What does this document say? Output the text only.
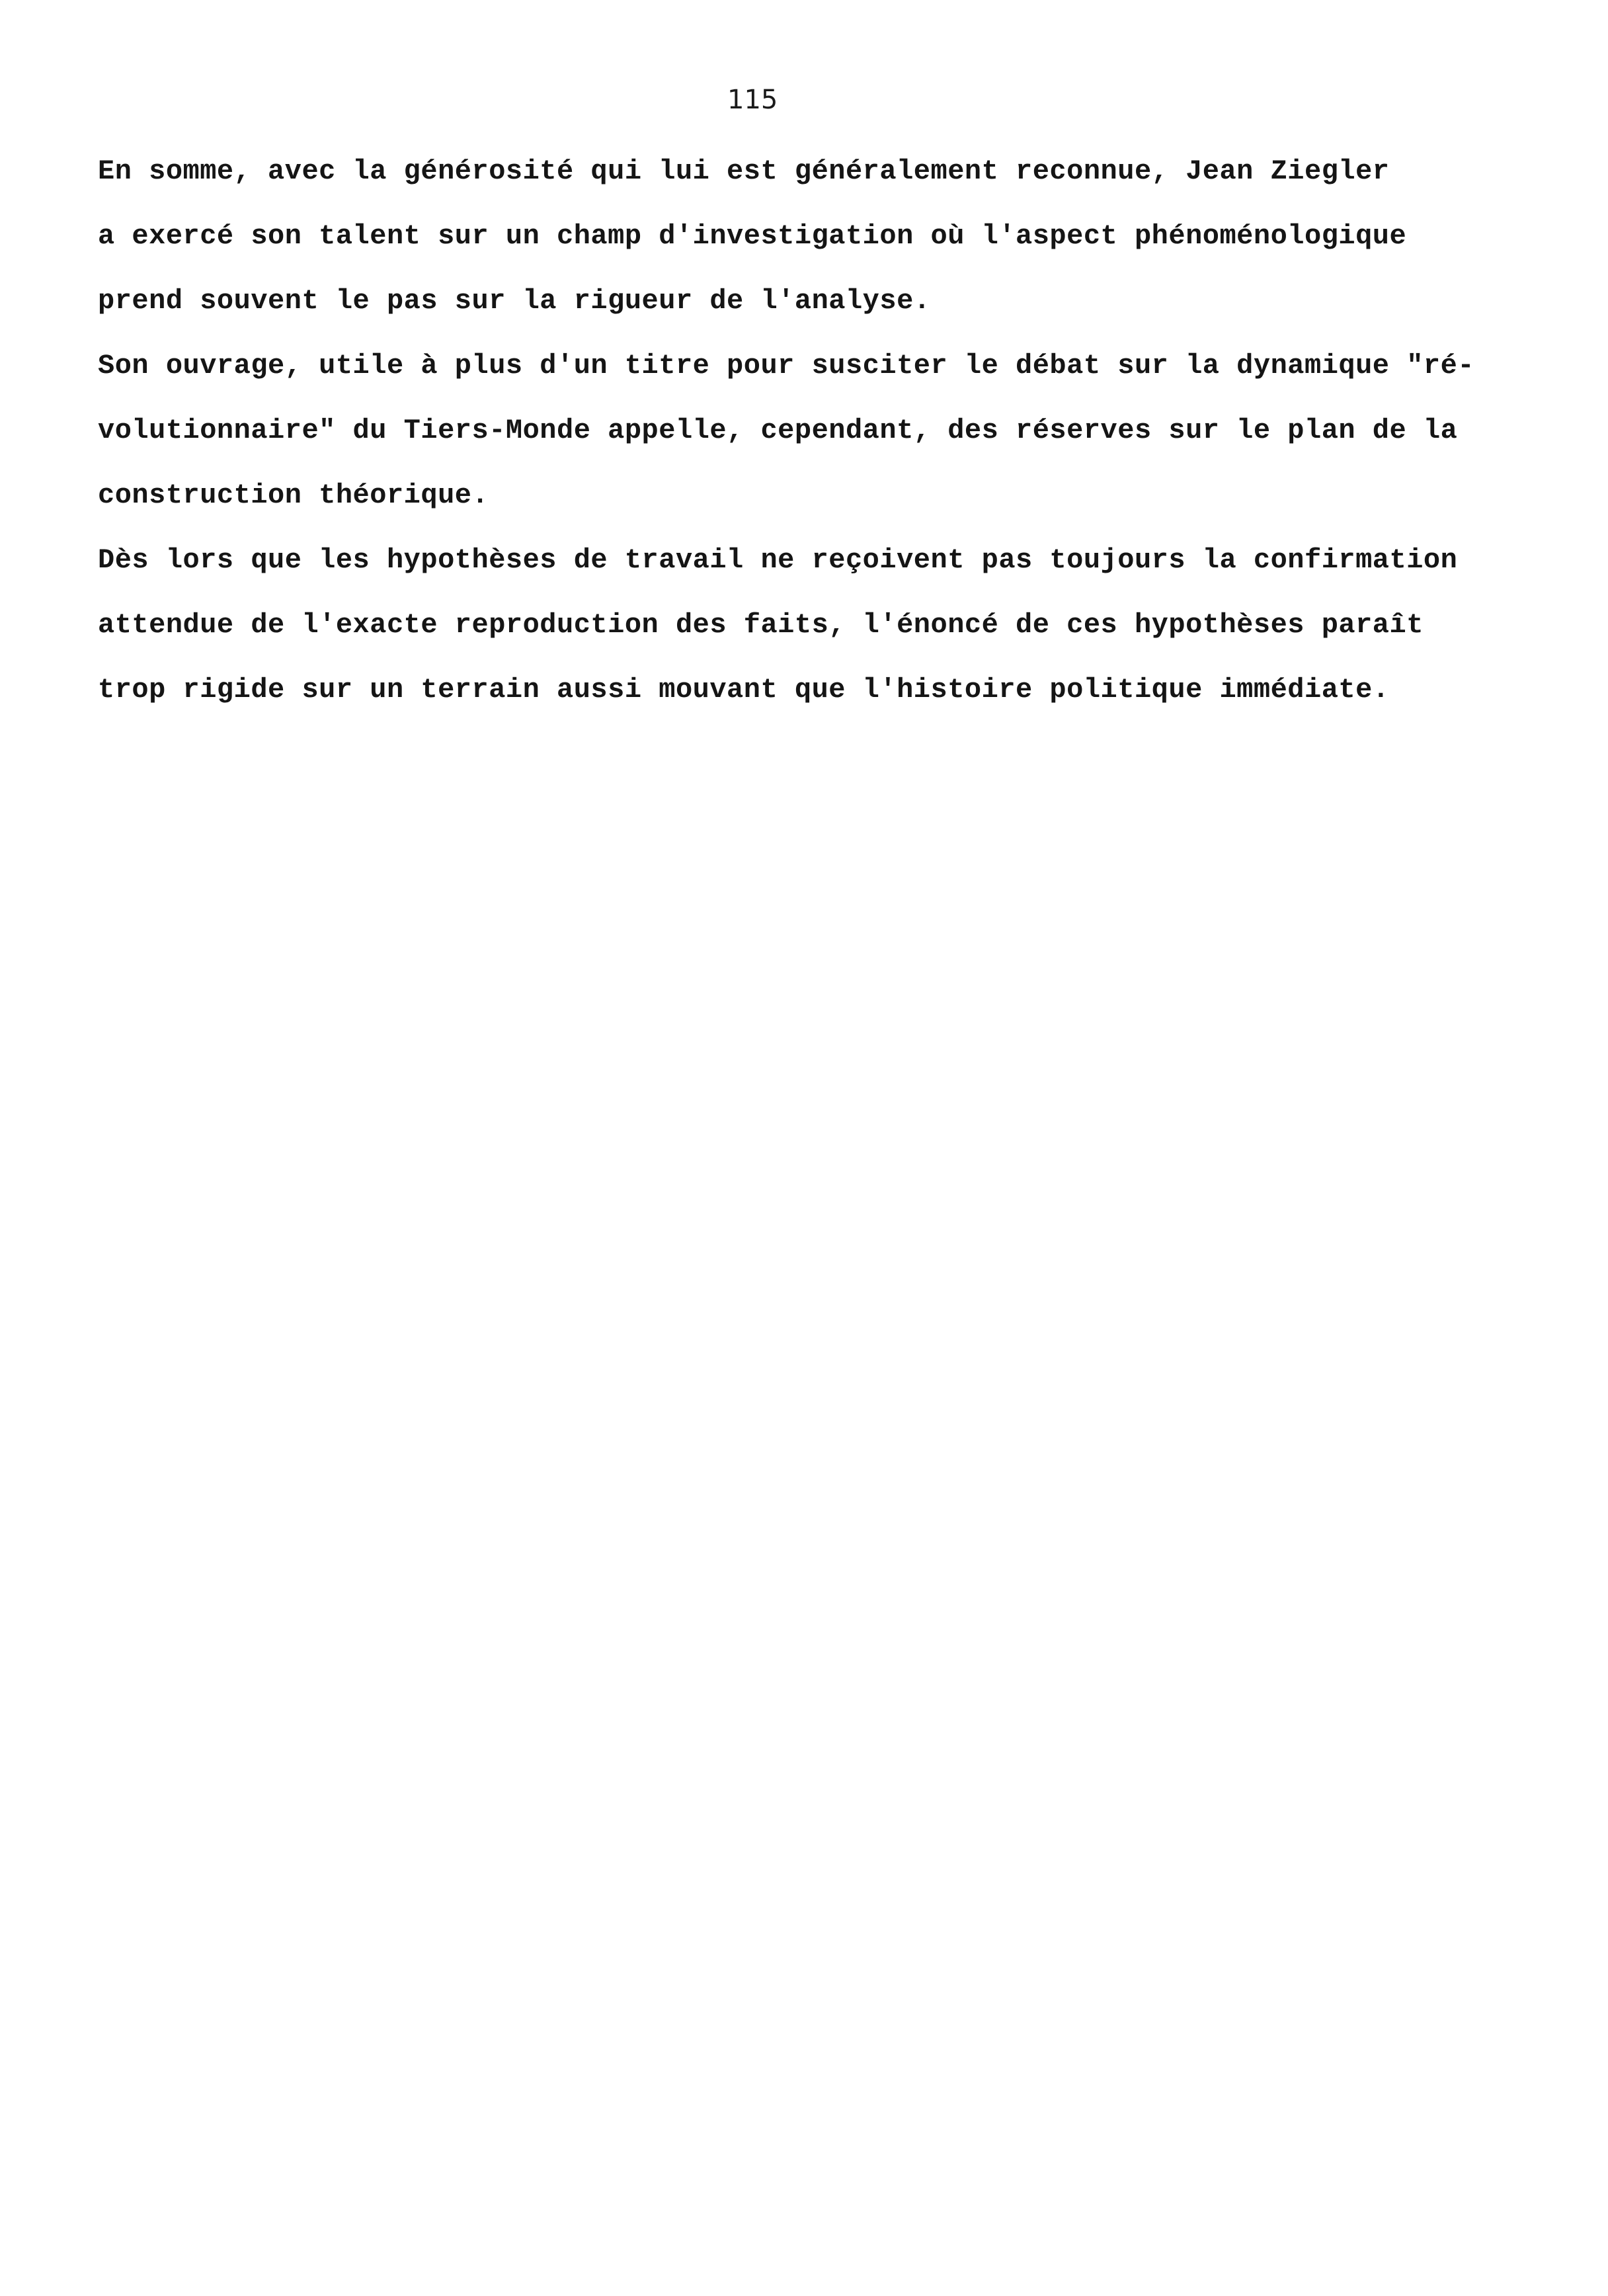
115
En somme, avec la générosité qui lui est généralement reconnue, Jean Ziegler
a exercé son talent sur un champ d'investigation où l'aspect phénoménologique
prend souvent le pas sur la rigueur de l'analyse.
Son ouvrage, utile à plus d'un titre pour susciter le débat sur la dynamique "ré-
volutionnaire" du Tiers-Monde appelle, cependant, des réserves sur le plan de la
construction théorique.
Dès lors que les hypothèses de travail ne reçoivent pas toujours la confirmation
attendue de l'exacte reproduction des faits, l'énoncé de ces hypothèses paraît
trop rigide sur un terrain aussi mouvant que l'histoire politique immédiate.
